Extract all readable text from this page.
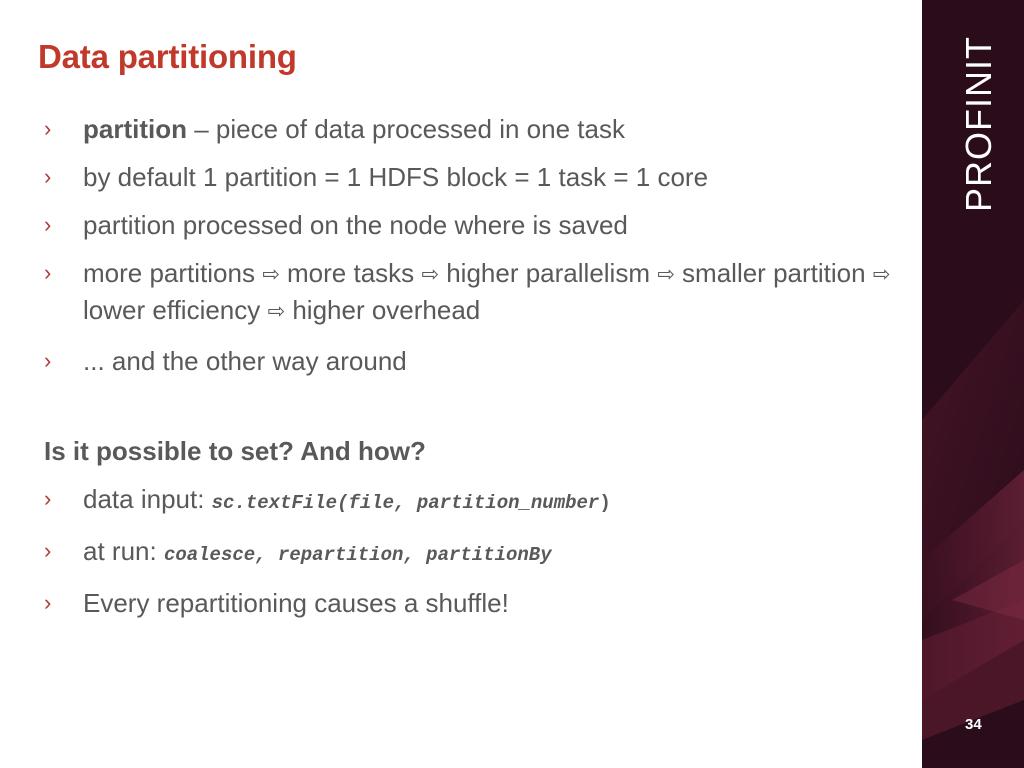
Data partitioning
› partition – piece of data processed in one task
› by default 1 partition = 1 HDFS block = 1 task = 1 core
› partition processed on the node where is saved
› more partitions ⇨ more tasks ⇨ higher parallelism ⇨ smaller partition ⇨ lower efficiency ⇨ higher overhead
› ... and the other way around
Is it possible to set? And how?
› data input: sc.textFile(file, partition_number)
› at run: coalesce, repartition, partitionBy
› Every repartitioning causes a shuffle!
PROFINIT
34
